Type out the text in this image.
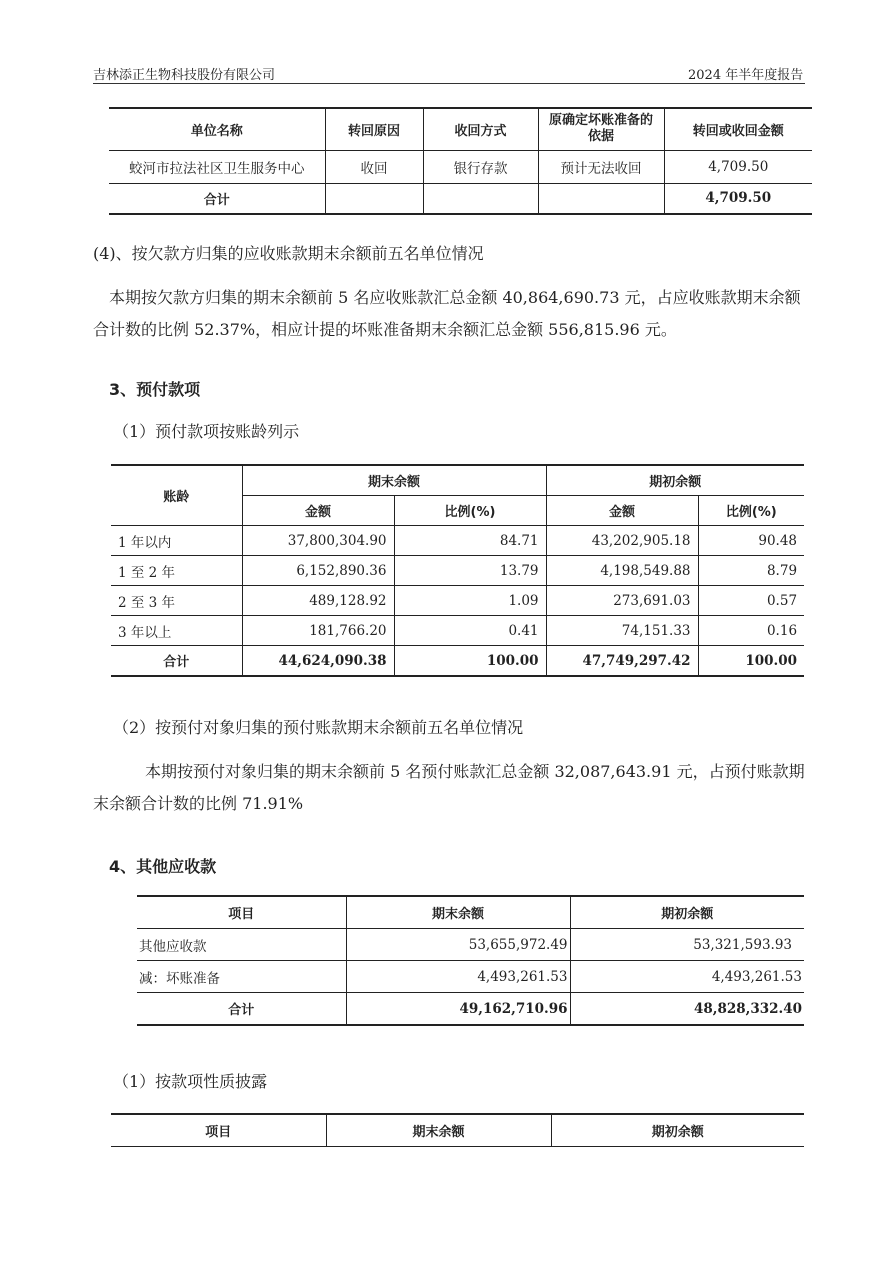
吉林添正生物科技股份有限公司	2024 年半年度报告
单位名称	转回原因	收回方式	原确定坏账准备的依据	转回或收回金额
蛟河市拉法社区卫生服务中心	收回	银行存款	预计无法收回	4,709.50
合计				4,709.50
(4)、按欠款方归集的应收账款期末余额前五名单位情况
本期按欠款方归集的期末余额前 5 名应收账款汇总金额 40,864,690.73 元，占应收账款期末余额合计数的比例 52.37%，相应计提的坏账准备期末余额汇总金额 556,815.96 元。
3、预付款项
（1）预付款项按账龄列示
账龄	期末余额		期初余额	
	金额	比例(%)	金额	比例(%)
1 年以内	37,800,304.90	84.71	43,202,905.18	90.48
1 至 2 年	6,152,890.36	13.79	4,198,549.88	8.79
2 至 3 年	489,128.92	1.09	273,691.03	0.57
3 年以上	181,766.20	0.41	74,151.33	0.16
合计	44,624,090.38	100.00	47,749,297.42	100.00
（2）按预付对象归集的预付账款期末余额前五名单位情况
本期按预付对象归集的期末余额前 5 名预付账款汇总金额 32,087,643.91 元，占预付账款期末余额合计数的比例 71.91%
4、其他应收款
项目	期末余额	期初余额
其他应收款	53,655,972.49	53,321,593.93
减：坏账准备	4,493,261.53	4,493,261.53
合计	49,162,710.96	48,828,332.40
（1）按款项性质披露
项目	期末余额	期初余额
